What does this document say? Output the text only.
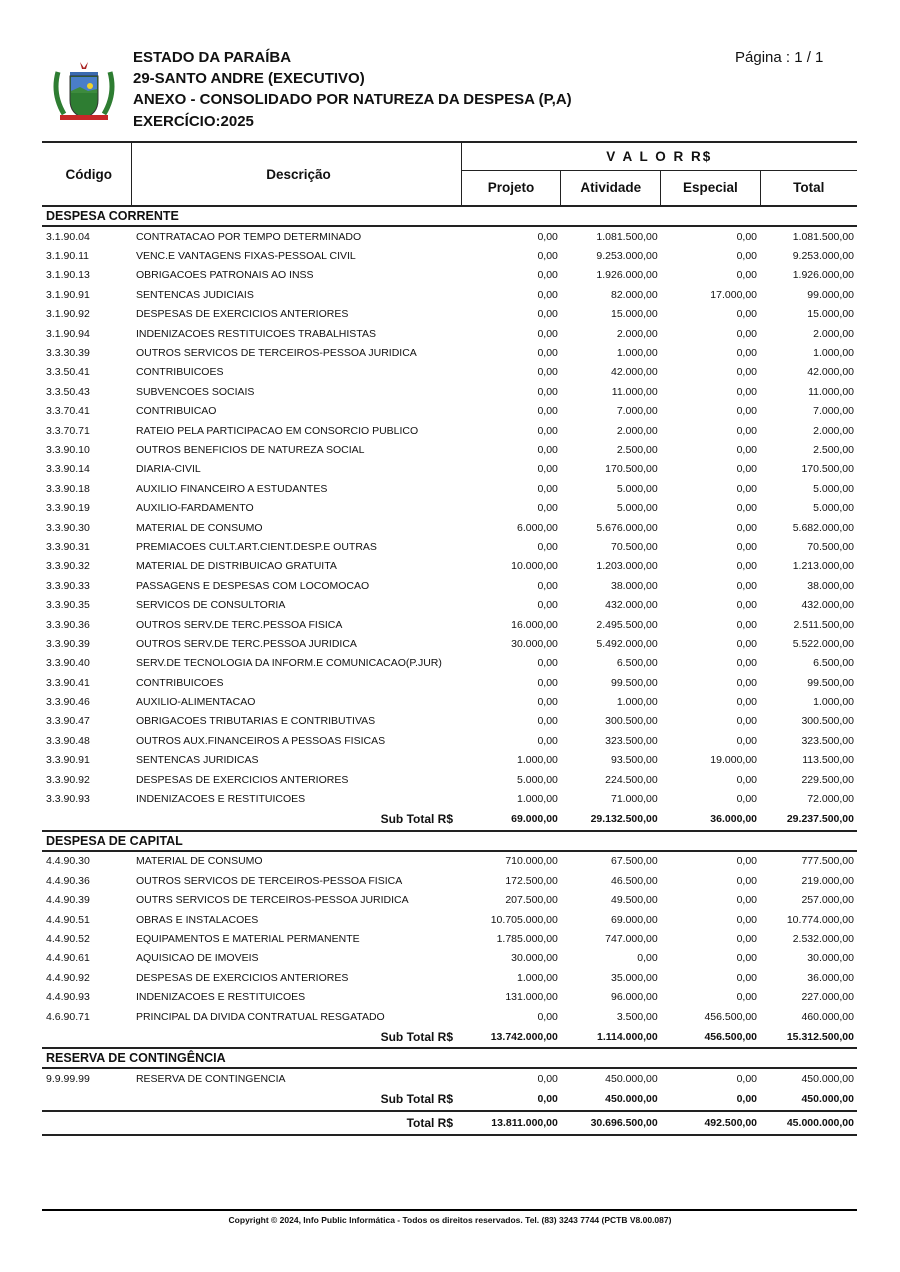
ESTADO DA PARAÍBA
29-SANTO ANDRE (EXECUTIVO)
ANEXO - CONSOLIDADO POR NATUREZA DA DESPESA (P,A)
EXERCÍCIO:2025
Página : 1 / 1
Código	Descrição	V A L O R R$			
		Projeto	Atividade	Especial	Total
DESPESA CORRENTE					
3.1.90.04	CONTRATACAO POR TEMPO DETERMINADO	0,00	1.081.500,00	0,00	1.081.500,00
3.1.90.11	VENC.E VANTAGENS FIXAS-PESSOAL CIVIL	0,00	9.253.000,00	0,00	9.253.000,00
3.1.90.13	OBRIGACOES PATRONAIS AO INSS	0,00	1.926.000,00	0,00	1.926.000,00
3.1.90.91	SENTENCAS JUDICIAIS	0,00	82.000,00	17.000,00	99.000,00
3.1.90.92	DESPESAS DE EXERCICIOS ANTERIORES	0,00	15.000,00	0,00	15.000,00
3.1.90.94	INDENIZACOES RESTITUICOES TRABALHISTAS	0,00	2.000,00	0,00	2.000,00
3.3.30.39	OUTROS SERVICOS DE TERCEIROS-PESSOA JURIDICA	0,00	1.000,00	0,00	1.000,00
3.3.50.41	CONTRIBUICOES	0,00	42.000,00	0,00	42.000,00
3.3.50.43	SUBVENCOES SOCIAIS	0,00	11.000,00	0,00	11.000,00
3.3.70.41	CONTRIBUICAO	0,00	7.000,00	0,00	7.000,00
3.3.70.71	RATEIO PELA PARTICIPACAO EM CONSORCIO PUBLICO	0,00	2.000,00	0,00	2.000,00
3.3.90.10	OUTROS BENEFICIOS DE NATUREZA SOCIAL	0,00	2.500,00	0,00	2.500,00
3.3.90.14	DIARIA-CIVIL	0,00	170.500,00	0,00	170.500,00
3.3.90.18	AUXILIO FINANCEIRO A ESTUDANTES	0,00	5.000,00	0,00	5.000,00
3.3.90.19	AUXILIO-FARDAMENTO	0,00	5.000,00	0,00	5.000,00
3.3.90.30	MATERIAL DE CONSUMO	6.000,00	5.676.000,00	0,00	5.682.000,00
3.3.90.31	PREMIACOES CULT.ART.CIENT.DESP.E OUTRAS	0,00	70.500,00	0,00	70.500,00
3.3.90.32	MATERIAL DE DISTRIBUICAO GRATUITA	10.000,00	1.203.000,00	0,00	1.213.000,00
3.3.90.33	PASSAGENS E DESPESAS COM LOCOMOCAO	0,00	38.000,00	0,00	38.000,00
3.3.90.35	SERVICOS DE CONSULTORIA	0,00	432.000,00	0,00	432.000,00
3.3.90.36	OUTROS SERV.DE TERC.PESSOA FISICA	16.000,00	2.495.500,00	0,00	2.511.500,00
3.3.90.39	OUTROS SERV.DE TERC.PESSOA JURIDICA	30.000,00	5.492.000,00	0,00	5.522.000,00
3.3.90.40	SERV.DE TECNOLOGIA DA INFORM.E COMUNICACAO(P.JUR)	0,00	6.500,00	0,00	6.500,00
3.3.90.41	CONTRIBUICOES	0,00	99.500,00	0,00	99.500,00
3.3.90.46	AUXILIO-ALIMENTACAO	0,00	1.000,00	0,00	1.000,00
3.3.90.47	OBRIGACOES TRIBUTARIAS E CONTRIBUTIVAS	0,00	300.500,00	0,00	300.500,00
3.3.90.48	OUTROS AUX.FINANCEIROS A PESSOAS FISICAS	0,00	323.500,00	0,00	323.500,00
3.3.90.91	SENTENCAS JURIDICAS	1.000,00	93.500,00	19.000,00	113.500,00
3.3.90.92	DESPESAS DE EXERCICIOS ANTERIORES	5.000,00	224.500,00	0,00	229.500,00
3.3.90.93	INDENIZACOES E RESTITUICOES	1.000,00	71.000,00	0,00	72.000,00
Sub Total R$		69.000,00	29.132.500,00	36.000,00	29.237.500,00
DESPESA DE CAPITAL					
4.4.90.30	MATERIAL DE CONSUMO	710.000,00	67.500,00	0,00	777.500,00
4.4.90.36	OUTROS SERVICOS DE TERCEIROS-PESSOA FISICA	172.500,00	46.500,00	0,00	219.000,00
4.4.90.39	OUTRS SERVICOS DE TERCEIROS-PESSOA JURIDICA	207.500,00	49.500,00	0,00	257.000,00
4.4.90.51	OBRAS E INSTALACOES	10.705.000,00	69.000,00	0,00	10.774.000,00
4.4.90.52	EQUIPAMENTOS E MATERIAL PERMANENTE	1.785.000,00	747.000,00	0,00	2.532.000,00
4.4.90.61	AQUISICAO DE IMOVEIS	30.000,00	0,00	0,00	30.000,00
4.4.90.92	DESPESAS DE EXERCICIOS ANTERIORES	1.000,00	35.000,00	0,00	36.000,00
4.4.90.93	INDENIZACOES E RESTITUICOES	131.000,00	96.000,00	0,00	227.000,00
4.6.90.71	PRINCIPAL DA DIVIDA CONTRATUAL RESGATADO	0,00	3.500,00	456.500,00	460.000,00
Sub Total R$		13.742.000,00	1.114.000,00	456.500,00	15.312.500,00
RESERVA DE CONTINGÊNCIA					
9.9.99.99	RESERVA DE CONTINGENCIA	0,00	450.000,00	0,00	450.000,00
Sub Total R$		0,00	450.000,00	0,00	450.000,00
Total R$		13.811.000,00	30.696.500,00	492.500,00	45.000.000,00
Copyright © 2024, Info Public Informática - Todos os direitos reservados. Tel. (83) 3243 7744 (PCTB V8.00.087)
